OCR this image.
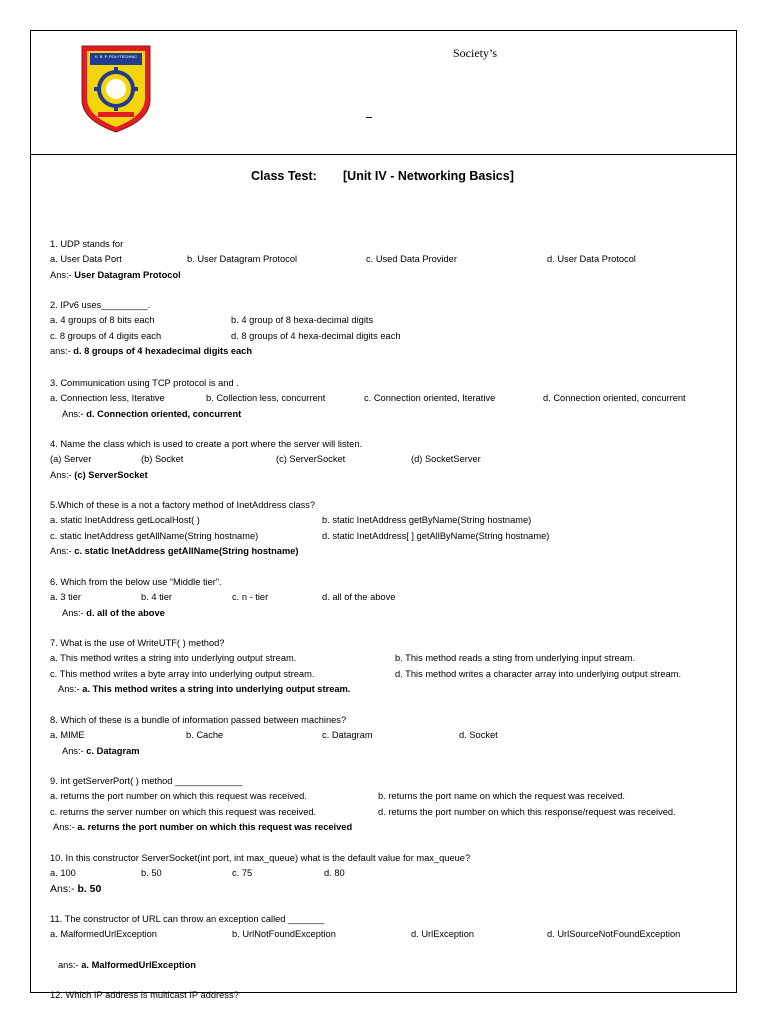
K. B. P. POLYTECHNIC	Society’s
Class Test: [Unit IV - Networking Basics]
1. UDP stands for
a. User Data Port	b. User Datagram Protocol	c. Used Data Provider	d. User Data Protocol
Ans:- User Datagram Protocol
2. IPv6 uses_________.
a. 4 groups of 8 bits each	b. 4 group of 8 hexa-decimal digits
c. 8 groups of 4 digits each	d. 8 groups of 4 hexa-decimal digits each
ans:- d. 8 groups of 4 hexadecimal digits each
3. Communication using TCP protocol is and .
a. Connection less, Iterative	b. Collection less, concurrent	c. Connection oriented, Iterative	d. Connection oriented, concurrent
Ans:- d. Connection oriented, concurrent
4. Name the class which is used to create a port where the server will listen.
(a) Server	(b) Socket	(c) ServerSocket	(d) SocketServer
Ans:- (c) ServerSocket
5.Which of these is a not a factory method of InetAddress class?
a. static InetAddress getLocalHost( )	b. static InetAddress getByName(String hostname)
c. static InetAddress getAllName(String hostname)	d. static InetAddress[ ] getAllByName(String hostname)
Ans:- c. static InetAddress getAllName(String hostname)
6. Which from the below use “Middle tier”.
a. 3 tier	b. 4 tier	c. n - tier	d. all of the above
Ans:- d. all of the above
7. What is the use of WriteUTF( ) method?
a. This method writes a string into underlying output stream.	b. This method reads a sting from underlying input stream.
c. This method writes a byte array into underlying output stream.	d. This method writes a character array into underlying output stream.
Ans:- a. This method writes a string into underlying output stream.
8. Which of these is a bundle of information passed between machines?
a. MIME	b. Cache	c. Datagram	d. Socket
Ans:- c. Datagram
9. int getServerPort( ) method _____________
a. returns the port number on which this request was received.	b. returns the port name on which the request was received.
c. returns the server number on which this request was received.	d. returns the port number on which this response/request was received.
Ans:- a. returns the port number on which this request was received
10. In this constructor ServerSocket(int port, int max_queue) what is the default value for max_queue?
a. 100	b. 50	c. 75	d. 80
Ans:- b. 50
11. The constructor of URL can throw an exception called _______
a. MalformedUrlException	b. UrlNotFoundException	d. UrlException	d. UrlSourceNotFoundException
ans:- a. MalformedUrlException
12. Which IP address is multicast IP address?
